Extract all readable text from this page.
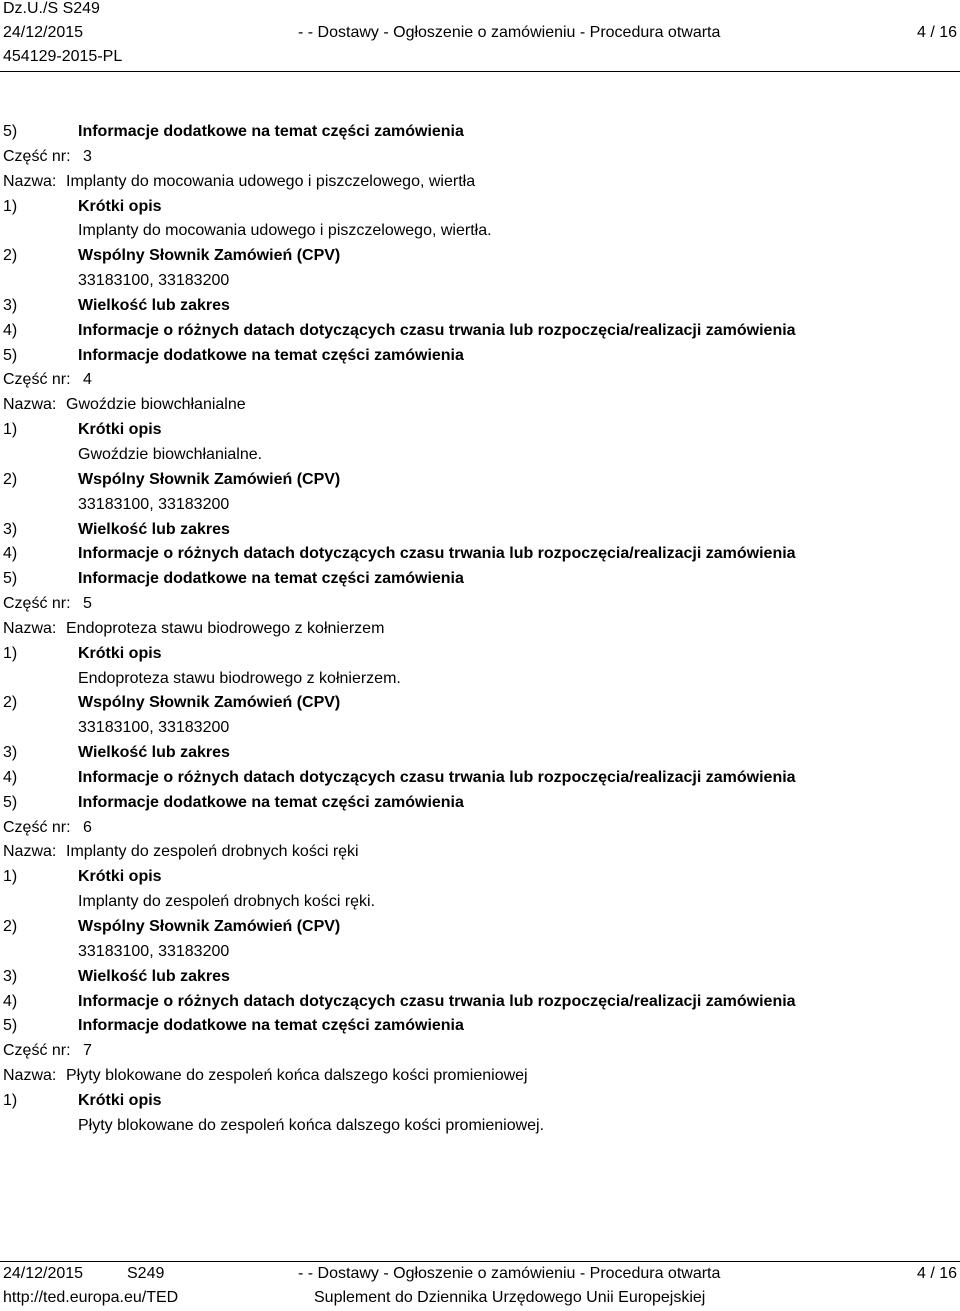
Dz.U./S S249
24/12/2015	- - Dostawy - Ogłoszenie o zamówieniu - Procedura otwarta	4 / 16
454129-2015-PL
5)	Informacje dodatkowe na temat części zamówienia
Część nr: 3
Nazwa: Implanty do mocowania udowego i piszczelowego, wiertła
1)	Krótki opis
Implanty do mocowania udowego i piszczelowego, wiertła.
2)	Wspólny Słownik Zamówień (CPV)
33183100, 33183200
3)	Wielkość lub zakres
4)	Informacje o różnych datach dotyczących czasu trwania lub rozpoczęcia/realizacji zamówienia
5)	Informacje dodatkowe na temat części zamówienia
Część nr: 4
Nazwa: Gwoździe biowchłanialne
1)	Krótki opis
Gwoździe biowchłanialne.
2)	Wspólny Słownik Zamówień (CPV)
33183100, 33183200
3)	Wielkość lub zakres
4)	Informacje o różnych datach dotyczących czasu trwania lub rozpoczęcia/realizacji zamówienia
5)	Informacje dodatkowe na temat części zamówienia
Część nr: 5
Nazwa: Endoproteza stawu biodrowego z kołnierzem
1)	Krótki opis
Endoproteza stawu biodrowego z kołnierzem.
2)	Wspólny Słownik Zamówień (CPV)
33183100, 33183200
3)	Wielkość lub zakres
4)	Informacje o różnych datach dotyczących czasu trwania lub rozpoczęcia/realizacji zamówienia
5)	Informacje dodatkowe na temat części zamówienia
Część nr: 6
Nazwa: Implanty do zespoleń drobnych kości ręki
1)	Krótki opis
Implanty do zespoleń drobnych kości ręki.
2)	Wspólny Słownik Zamówień (CPV)
33183100, 33183200
3)	Wielkość lub zakres
4)	Informacje o różnych datach dotyczących czasu trwania lub rozpoczęcia/realizacji zamówienia
5)	Informacje dodatkowe na temat części zamówienia
Część nr: 7
Nazwa: Płyty blokowane do zespoleń końca dalszego kości promieniowej
1)	Krótki opis
Płyty blokowane do zespoleń końca dalszego kości promieniowej.
24/12/2015	S249	- - Dostawy - Ogłoszenie o zamówieniu - Procedura otwarta	4 / 16
http://ted.europa.eu/TED	Suplement do Dziennika Urzędowego Unii Europejskiej
